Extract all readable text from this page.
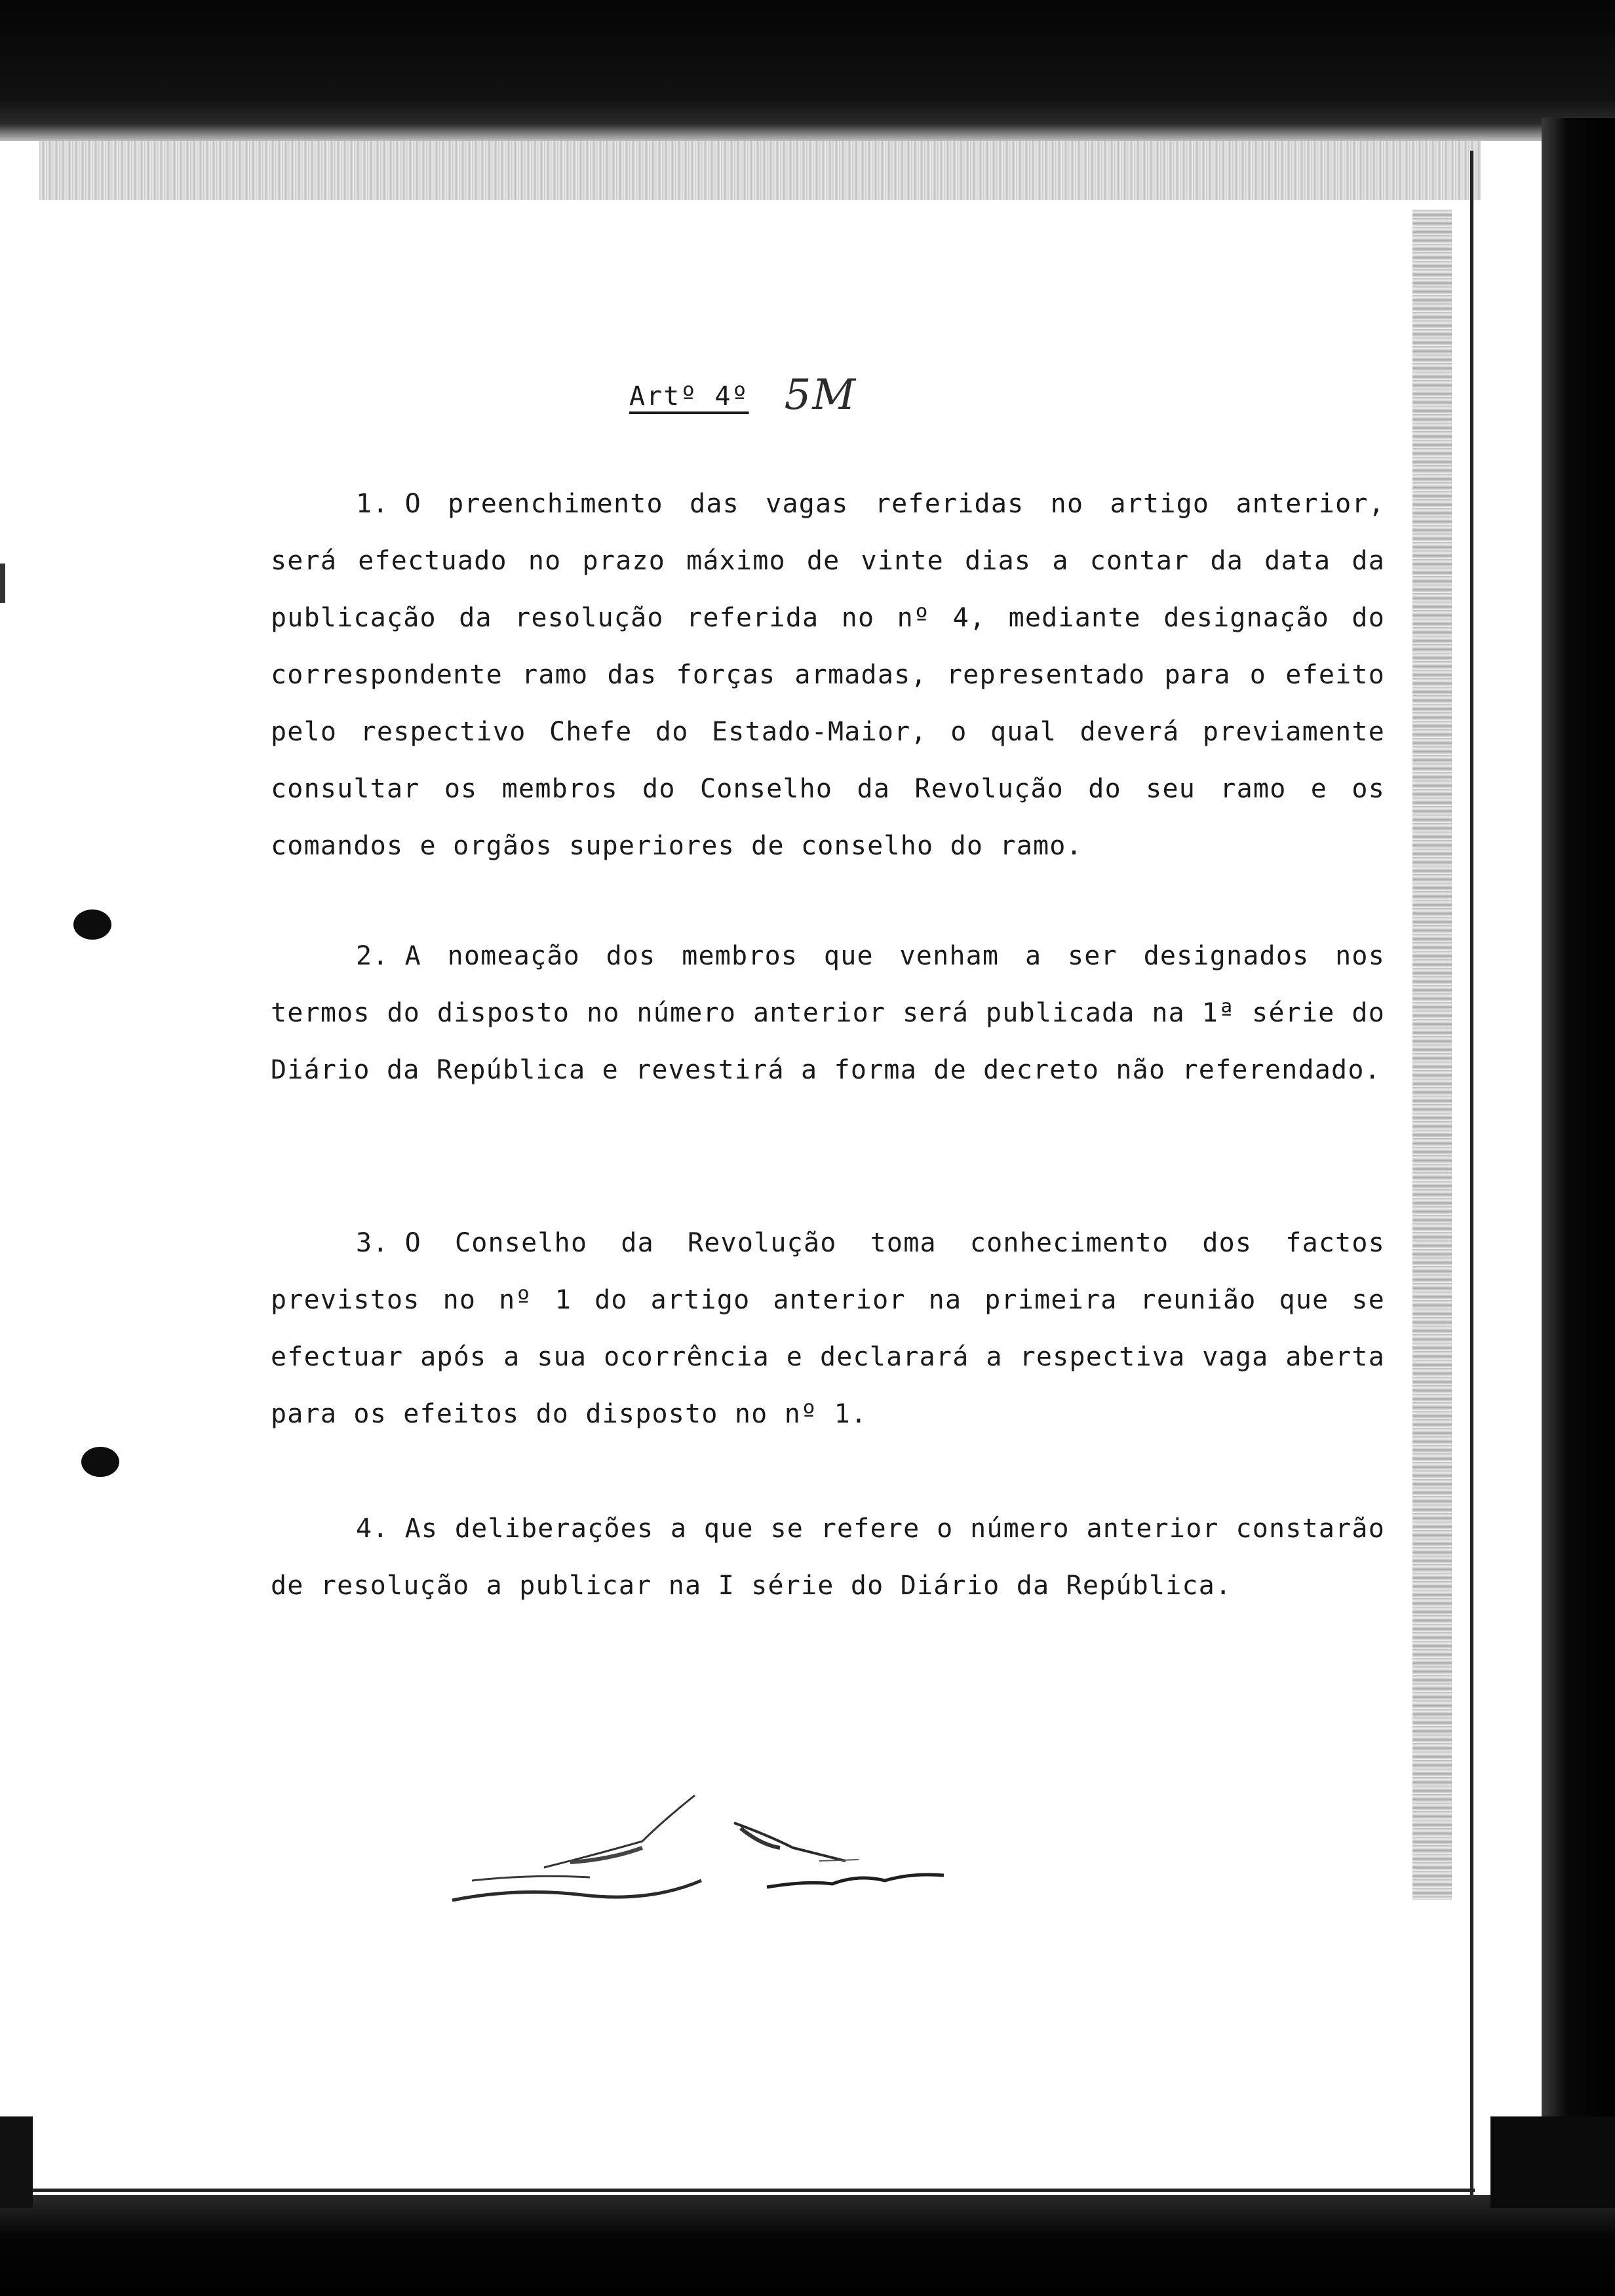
Artº 4º 5M

1. O preenchimento das vagas referidas no artigo anterior, será efectuado no prazo máximo de vinte dias a contar da data da publicação da resolução referida no nº 4, mediante designação do correspondente ramo das forças armadas, representado para o efeito pelo respectivo Chefe do Estado-Maior, o qual deverá previamente consultar os membros do Conselho da Revolução do seu ramo e os comandos e orgãos superiores de conselho do ramo.

2. A nomeação dos membros que venham a ser designados nos termos do disposto no número anterior será publicada na 1ª série do Diário da República e revestirá a forma de decreto não referendado.

3. O Conselho da Revolução toma conhecimento dos factos previstos no nº 1 do artigo anterior na primeira reunião que se efectuar após a sua ocorrência e declarará a respectiva vaga aberta para os efeitos do disposto no nº 1.

4. As deliberações a que se refere o número anterior constarão de resolução a publicar na I série do Diário da República.
